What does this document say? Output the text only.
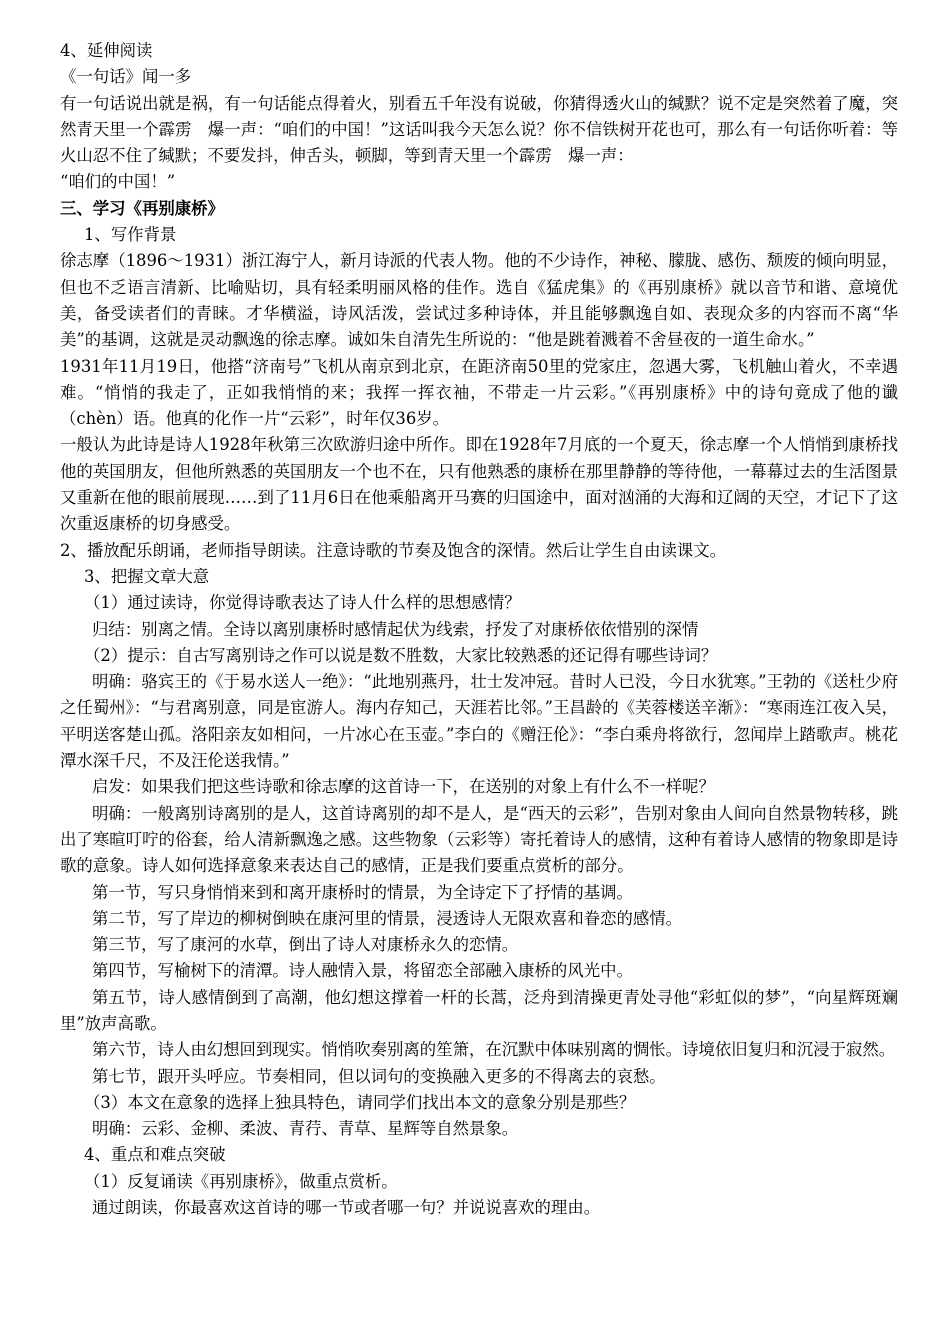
4、延伸阅读

《一句话》闻一多

有一句话说出就是祸，有一句话能点得着火，别看五千年没有说破，你猜得透火山的缄默？说不定是突然着了魔，突然青天里一个霹雳　爆一声：“咱们的中国！”这话叫我今天怎么说？你不信铁树开花也可，那么有一句话你听着：等火山忍不住了缄默；不要发抖，伸舌头，顿脚，等到青天里一个霹雳　爆一声：

“咱们的中国！”

三、学习《再别康桥》

1、写作背景

徐志摩（1896～1931）浙江海宁人，新月诗派的代表人物。他的不少诗作，神秘、朦胧、感伤、颓废的倾向明显，但也不乏语言清新、比喻贴切，具有轻柔明丽风格的佳作。选自《猛虎集》的《再别康桥》就以音节和谐、意境优美，备受读者们的青睐。才华横溢，诗风活泼，尝试过多种诗体，并且能够飘逸自如、表现众多的内容而不离“华美”的基调，这就是灵动飘逸的徐志摩。诚如朱自清先生所说的：“他是跳着溅着不舍昼夜的一道生命水。”

1931年11月19日，他搭“济南号”飞机从南京到北京，在距济南50里的党家庄，忽遇大雾，飞机触山着火，不幸遇难。“悄悄的我走了，正如我悄悄的来；我挥一挥衣袖，不带走一片云彩。”《再别康桥》中的诗句竟成了他的谶（chèn）语。他真的化作一片“云彩”，时年仅36岁。

一般认为此诗是诗人1928年秋第三次欧游归途中所作。即在1928年7月底的一个夏天，徐志摩一个人悄悄到康桥找他的英国朋友，但他所熟悉的英国朋友一个也不在，只有他熟悉的康桥在那里静静的等待他，一幕幕过去的生活图景又重新在他的眼前展现……到了11月6日在他乘船离开马赛的归国途中，面对汹涌的大海和辽阔的天空，才记下了这次重返康桥的切身感受。

2、播放配乐朗诵，老师指导朗读。注意诗歌的节奏及饱含的深情。然后让学生自由读课文。

3、把握文章大意

（1）通过读诗，你觉得诗歌表达了诗人什么样的思想感情？

归结：别离之情。全诗以离别康桥时感情起伏为线索，抒发了对康桥依依惜别的深情

（2）提示：自古写离别诗之作可以说是数不胜数，大家比较熟悉的还记得有哪些诗词？

明确：骆宾王的《于易水送人一绝》：“此地别燕丹，壮士发冲冠。昔时人已没，今日水犹寒。”王勃的《送杜少府之任蜀州》：“与君离别意，同是宦游人。海内存知己，天涯若比邻。”王昌龄的《芙蓉楼送辛渐》：“寒雨连江夜入吴，平明送客楚山孤。洛阳亲友如相问，一片冰心在玉壶。”李白的《赠汪伦》：“李白乘舟将欲行，忽闻岸上踏歌声。桃花潭水深千尺，不及汪伦送我情。”

启发：如果我们把这些诗歌和徐志摩的这首诗一下，在送别的对象上有什么不一样呢？

明确：一般离别诗离别的是人，这首诗离别的却不是人，是“西天的云彩”，告别对象由人间向自然景物转移，跳出了寒暄叮咛的俗套，给人清新飘逸之感。这些物象（云彩等）寄托着诗人的感情，这种有着诗人感情的物象即是诗歌的意象。诗人如何选择意象来表达自己的感情，正是我们要重点赏析的部分。

第一节，写只身悄悄来到和离开康桥时的情景，为全诗定下了抒情的基调。

第二节，写了岸边的柳树倒映在康河里的情景，浸透诗人无限欢喜和眷恋的感情。

第三节，写了康河的水草，倒出了诗人对康桥永久的恋情。

第四节，写榆树下的清潭。诗人融情入景，将留恋全部融入康桥的风光中。

第五节，诗人感情倒到了高潮，他幻想这撑着一杆的长蒿，泛舟到清操更青处寻他“彩虹似的梦”，“向星辉斑斓里”放声高歌。

第六节，诗人由幻想回到现实。悄悄吹奏别离的笙箫，在沉默中体味别离的惆怅。诗境依旧复归和沉浸于寂然。

第七节，跟开头呼应。节奏相同，但以词句的变换融入更多的不得离去的哀愁。

（3）本文在意象的选择上独具特色，请同学们找出本文的意象分别是那些？

明确：云彩、金柳、柔波、青荇、青草、星辉等自然景象。

4、重点和难点突破

（1）反复诵读《再别康桥》，做重点赏析。

通过朗读，你最喜欢这首诗的哪一节或者哪一句？并说说喜欢的理由。
